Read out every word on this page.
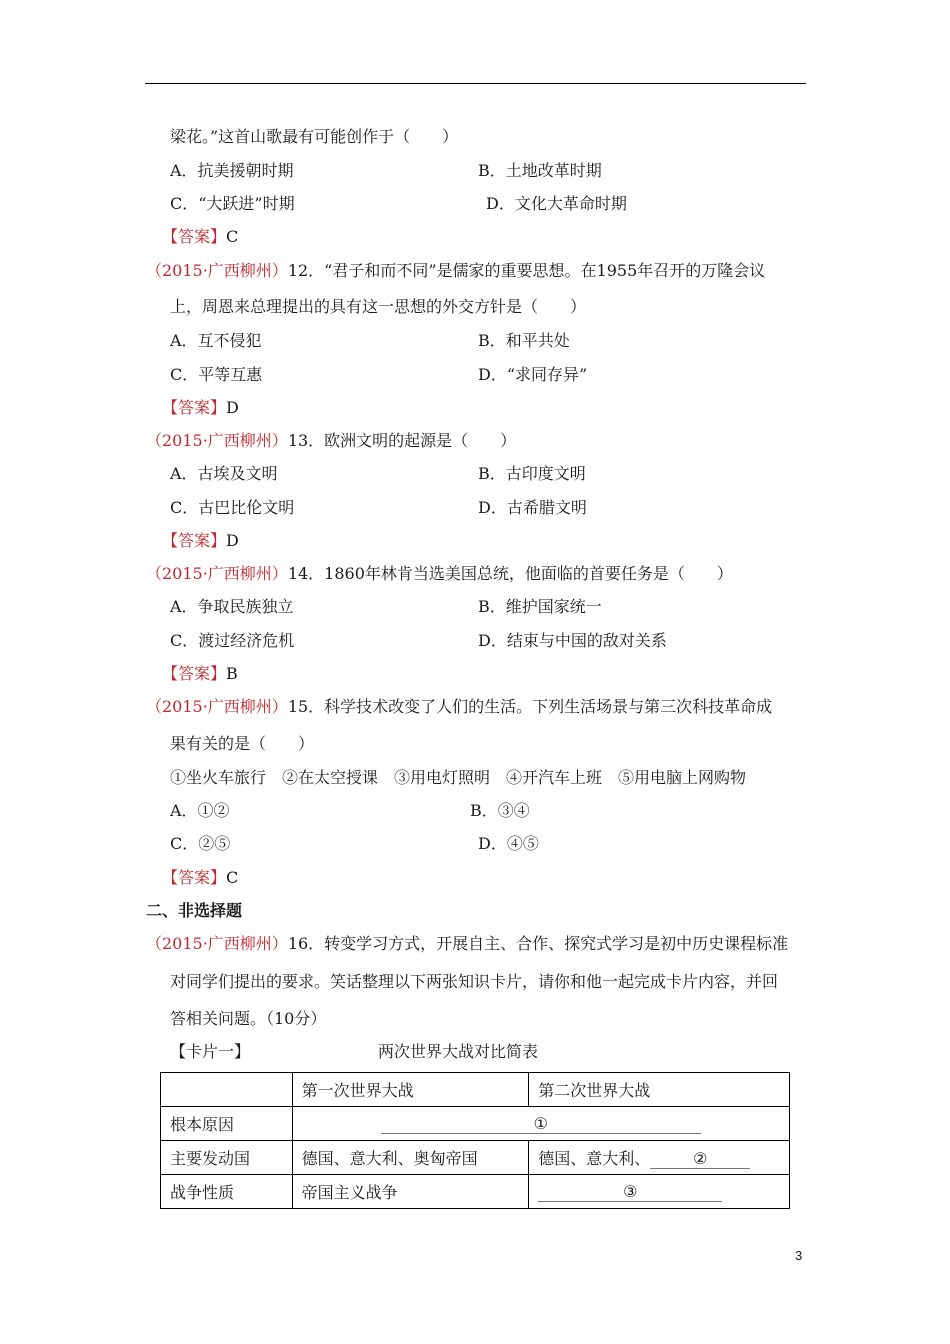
梁花。”这首山歌最有可能创作于（　　）
A．抗美援朝时期	B．土地改革时期
C．“大跃进”时期	D．文化大革命时期
【答案】C
（2015·广西柳州）12．“君子和而不同”是儒家的重要思想。在1955年召开的万隆会议
上，周恩来总理提出的具有这一思想的外交方针是（　　）
A．互不侵犯	B．和平共处
C．平等互惠	D．“求同存异”
【答案】D
（2015·广西柳州）13．欧洲文明的起源是（　　）
A．古埃及文明	B．古印度文明
C．古巴比伦文明	D．古希腊文明
【答案】D
（2015·广西柳州）14．1860年林肯当选美国总统，他面临的首要任务是（　　）
A．争取民族独立	B．维护国家统一
C．渡过经济危机	D．结束与中国的敌对关系
【答案】B
（2015·广西柳州）15．科学技术改变了人们的生活。下列生活场景与第三次科技革命成
果有关的是（　　）
①坐火车旅行　②在太空授课　③用电灯照明　④开汽车上班　⑤用电脑上网购物
A．①②	B．③④
C．②⑤	D．④⑤
【答案】C
二、非选择题
（2015·广西柳州）16．转变学习方式，开展自主、合作、探究式学习是初中历史课程标准
对同学们提出的要求。笑话整理以下两张知识卡片，请你和他一起完成卡片内容，并回
答相关问题。（10分）
【卡片一】	两次世界大战对比简表
	第一次世界大战	第二次世界大战
根本原因	①	
主要发动国	德国、意大利、奥匈帝国	德国、意大利、 ②
战争性质	帝国主义战争	③
3
